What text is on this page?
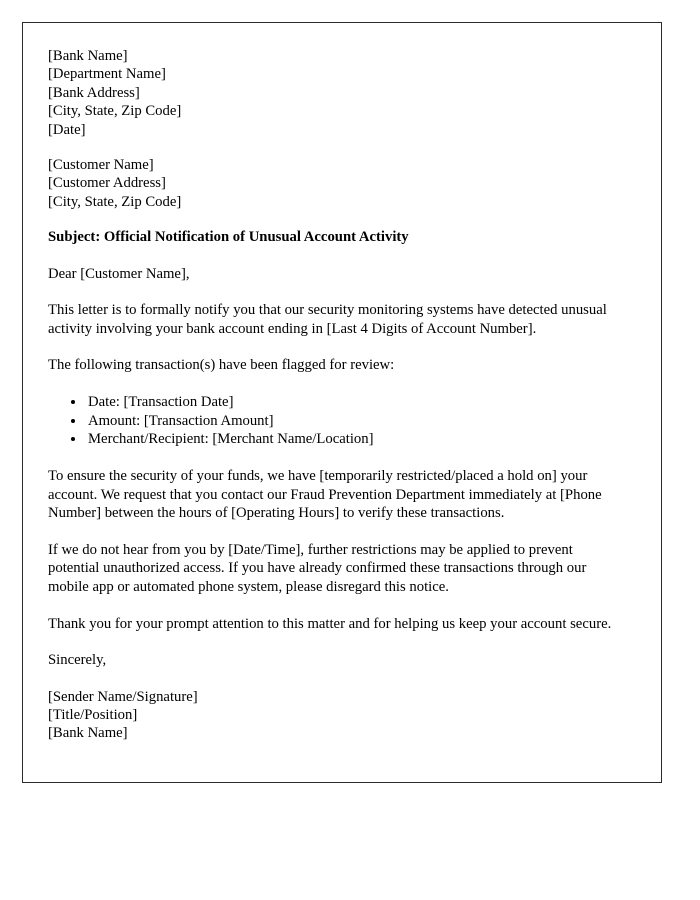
[Bank Name]
[Department Name]
[Bank Address]
[City, State, Zip Code]
[Date]
[Customer Name]
[Customer Address]
[City, State, Zip Code]
Subject: Official Notification of Unusual Account Activity
Dear [Customer Name],
This letter is to formally notify you that our security monitoring systems have detected unusual activity involving your bank account ending in [Last 4 Digits of Account Number].
The following transaction(s) have been flagged for review:
• Date: [Transaction Date]
• Amount: [Transaction Amount]
• Merchant/Recipient: [Merchant Name/Location]
To ensure the security of your funds, we have [temporarily restricted/placed a hold on] your account. We request that you contact our Fraud Prevention Department immediately at [Phone Number] between the hours of [Operating Hours] to verify these transactions.
If we do not hear from you by [Date/Time], further restrictions may be applied to prevent potential unauthorized access. If you have already confirmed these transactions through our mobile app or automated phone system, please disregard this notice.
Thank you for your prompt attention to this matter and for helping us keep your account secure.
Sincerely,
[Sender Name/Signature]
[Title/Position]
[Bank Name]
